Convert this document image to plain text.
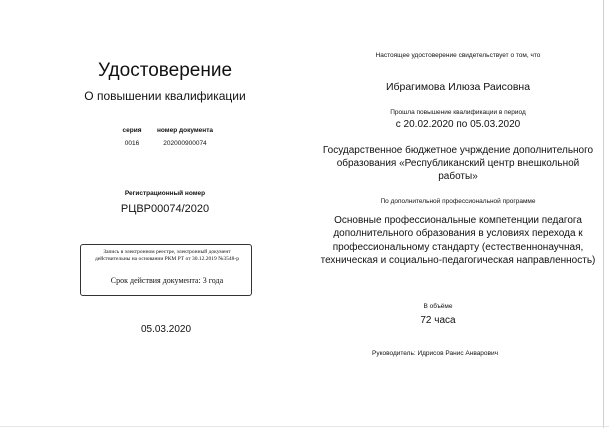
Удостоверение
О повышении квалификации
серия	номер документа
0016	202000900074
Регистрационный номер
РЦВР00074/2020
Запись в электронном реестре, электронный документ действительны на основании РКМ РТ от 30.12.2019 №3548-р
Срок действия документа: 3 года
05.03.2020
Настоящее удостоверение свидетельствует о том, что
Ибрагимова Илюза Раисовна
Прошла повышение квалификации в период
с 20.02.2020 по 05.03.2020
Государственное бюджетное учрждение дополнительного образования «Республиканский центр внешкольной работы»
По дополнительной профессиональной программе
Основные профессиональные компетенции педагога дополнительного образования в условиях перехода к профессиональному стандарту (естественнонаучная, техническая и социально-педагогическая направленность)
В объёме
72 часа
Руководитель: Идрисов Ранис Анварович
